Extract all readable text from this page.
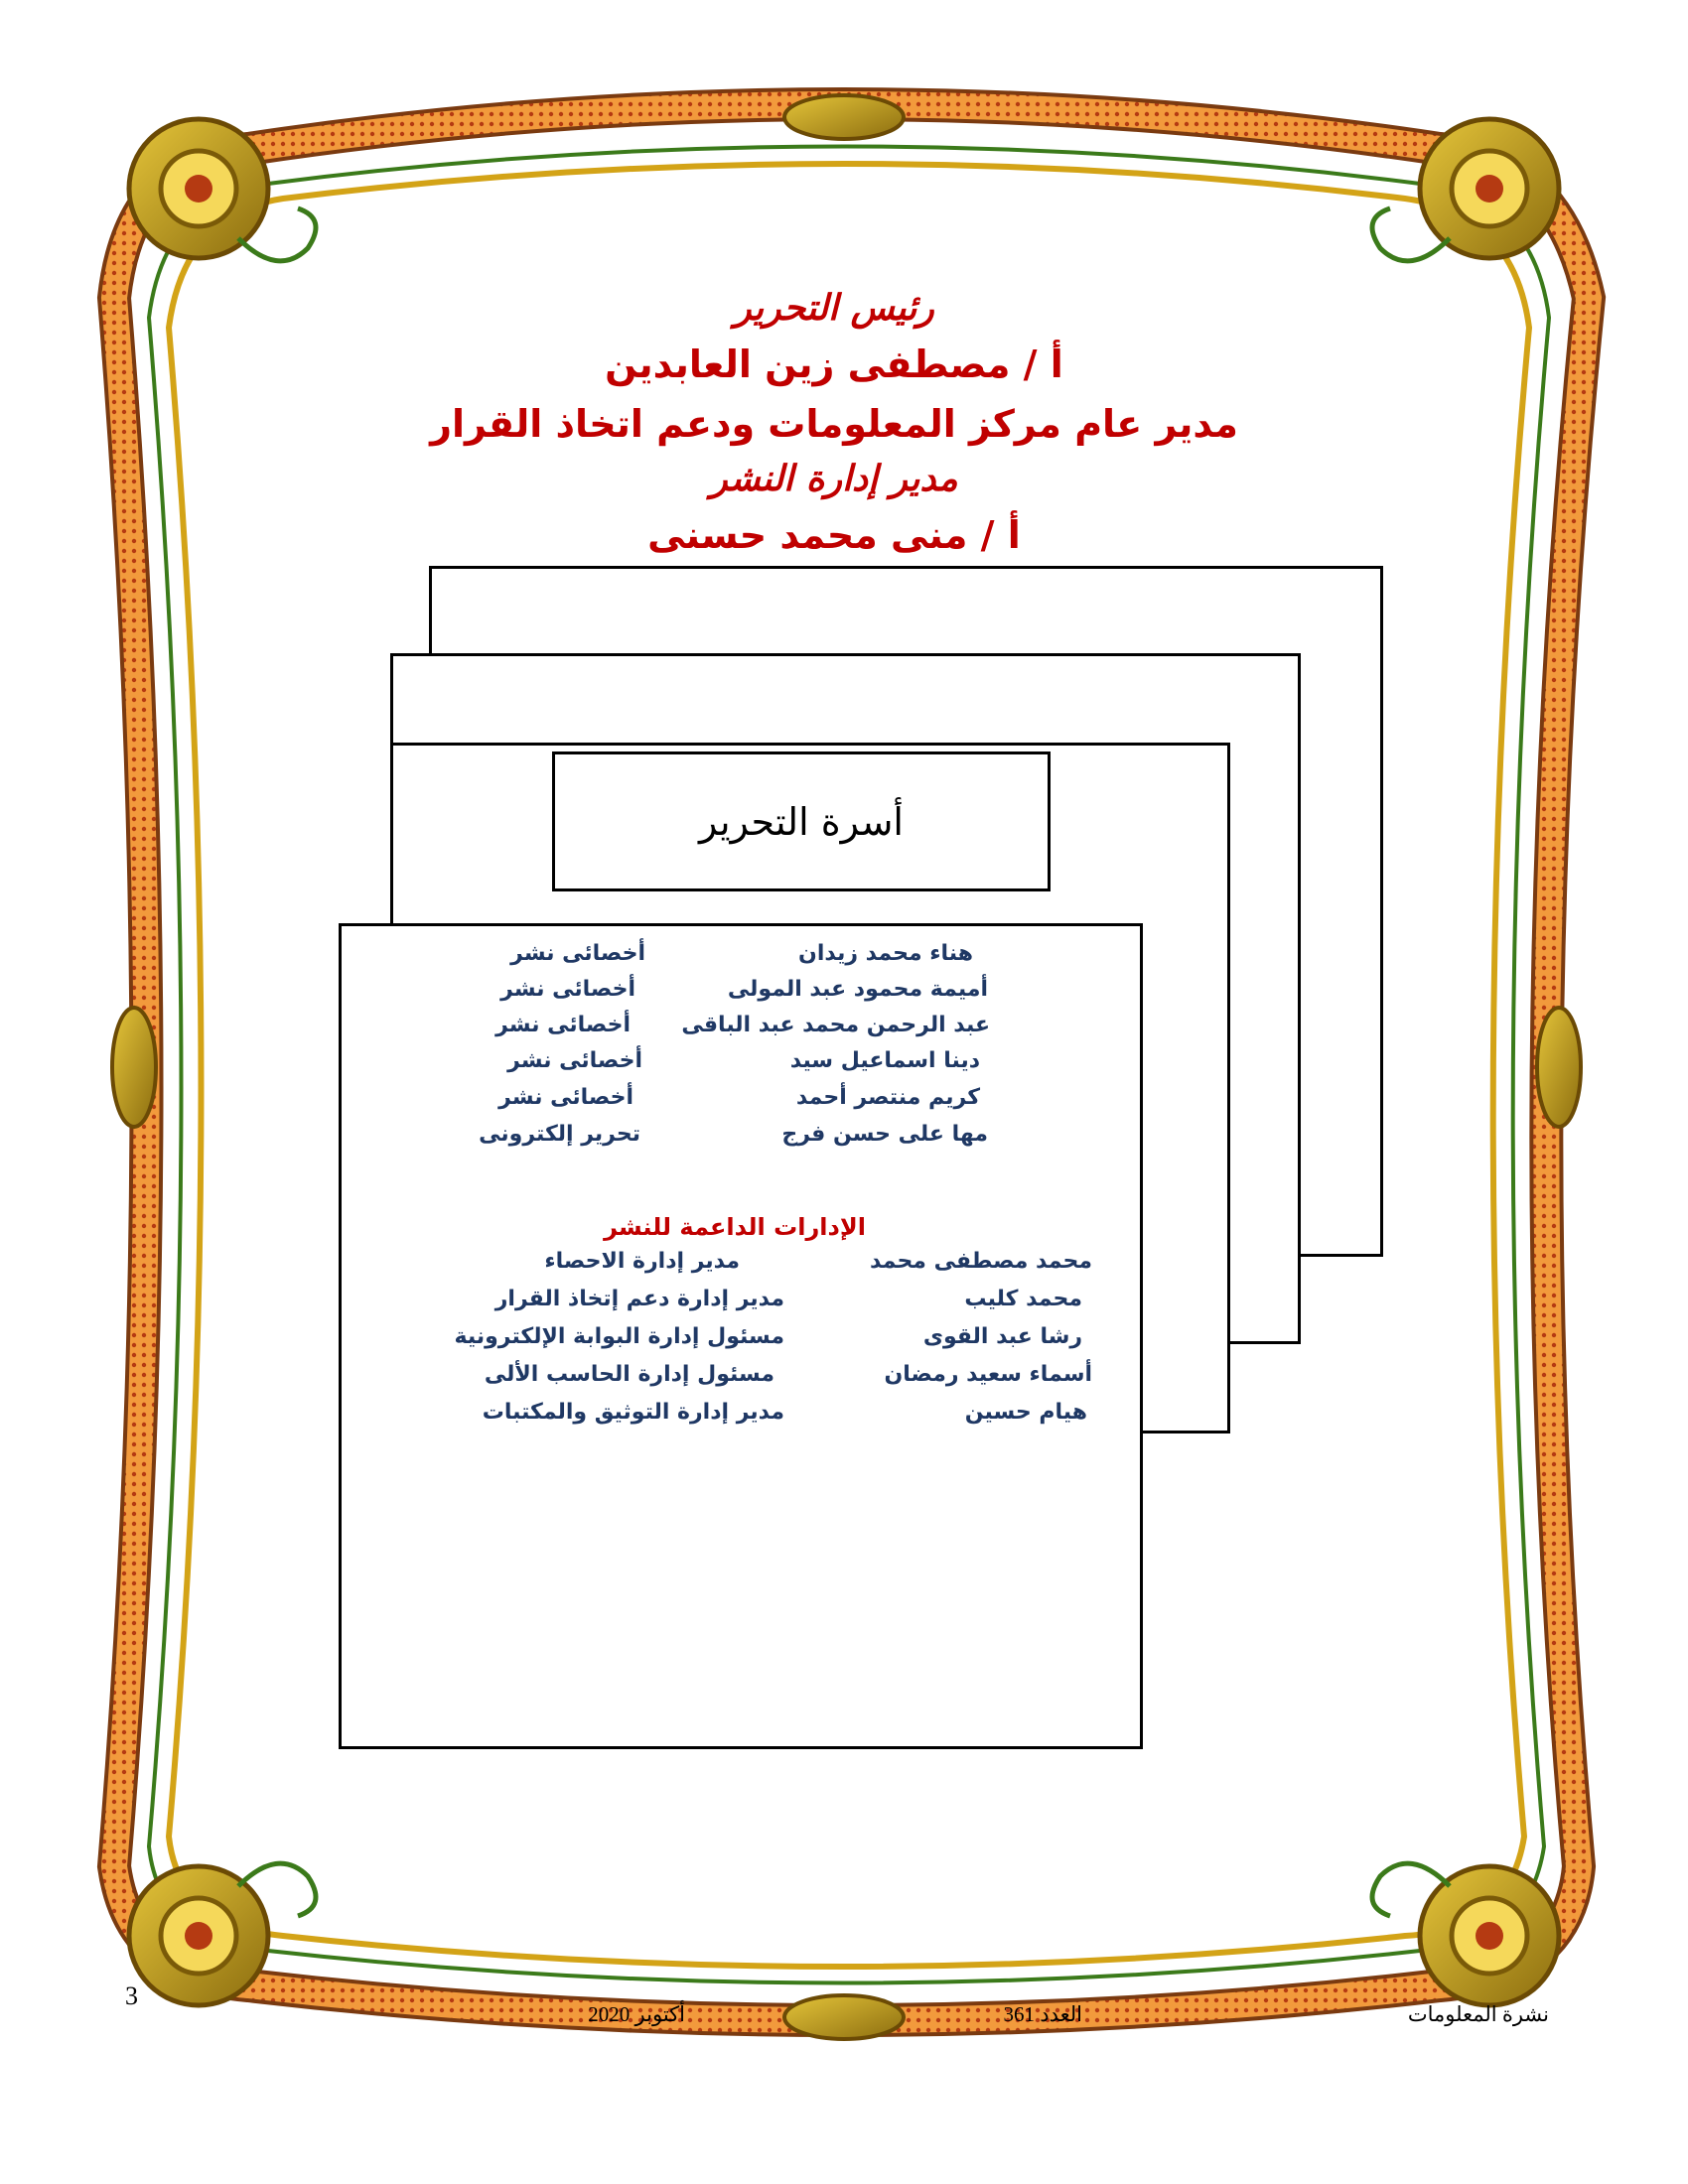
رئيس التحرير
أ / مصطفى زين العابدين
مدير عام مركز المعلومات ودعم اتخاذ القرار
مدير إدارة النشر
أ / منى محمد حسنى
أسرة التحرير
هناء محمد زيدان
أخصائى نشر
أميمة محمود عبد المولى
أخصائى نشر
عبد الرحمن محمد عبد الباقى
أخصائى نشر
دينا اسماعيل سيد
أخصائى نشر
كريم منتصر أحمد
أخصائى نشر
مها على حسن فرج
تحرير إلكترونى
الإدارات الداعمة للنشر
محمد مصطفى محمد
مدير إدارة الاحصاء
محمد كليب
مدير إدارة دعم إتخاذ القرار
رشا عبد القوى
مسئول إدارة البوابة الإلكترونية
أسماء سعيد رمضان
مسئول إدارة الحاسب الألى
هيام حسين
مدير إدارة التوثيق والمكتبات
3
نشرة المعلومات
العدد 361
أكتوبر 2020
